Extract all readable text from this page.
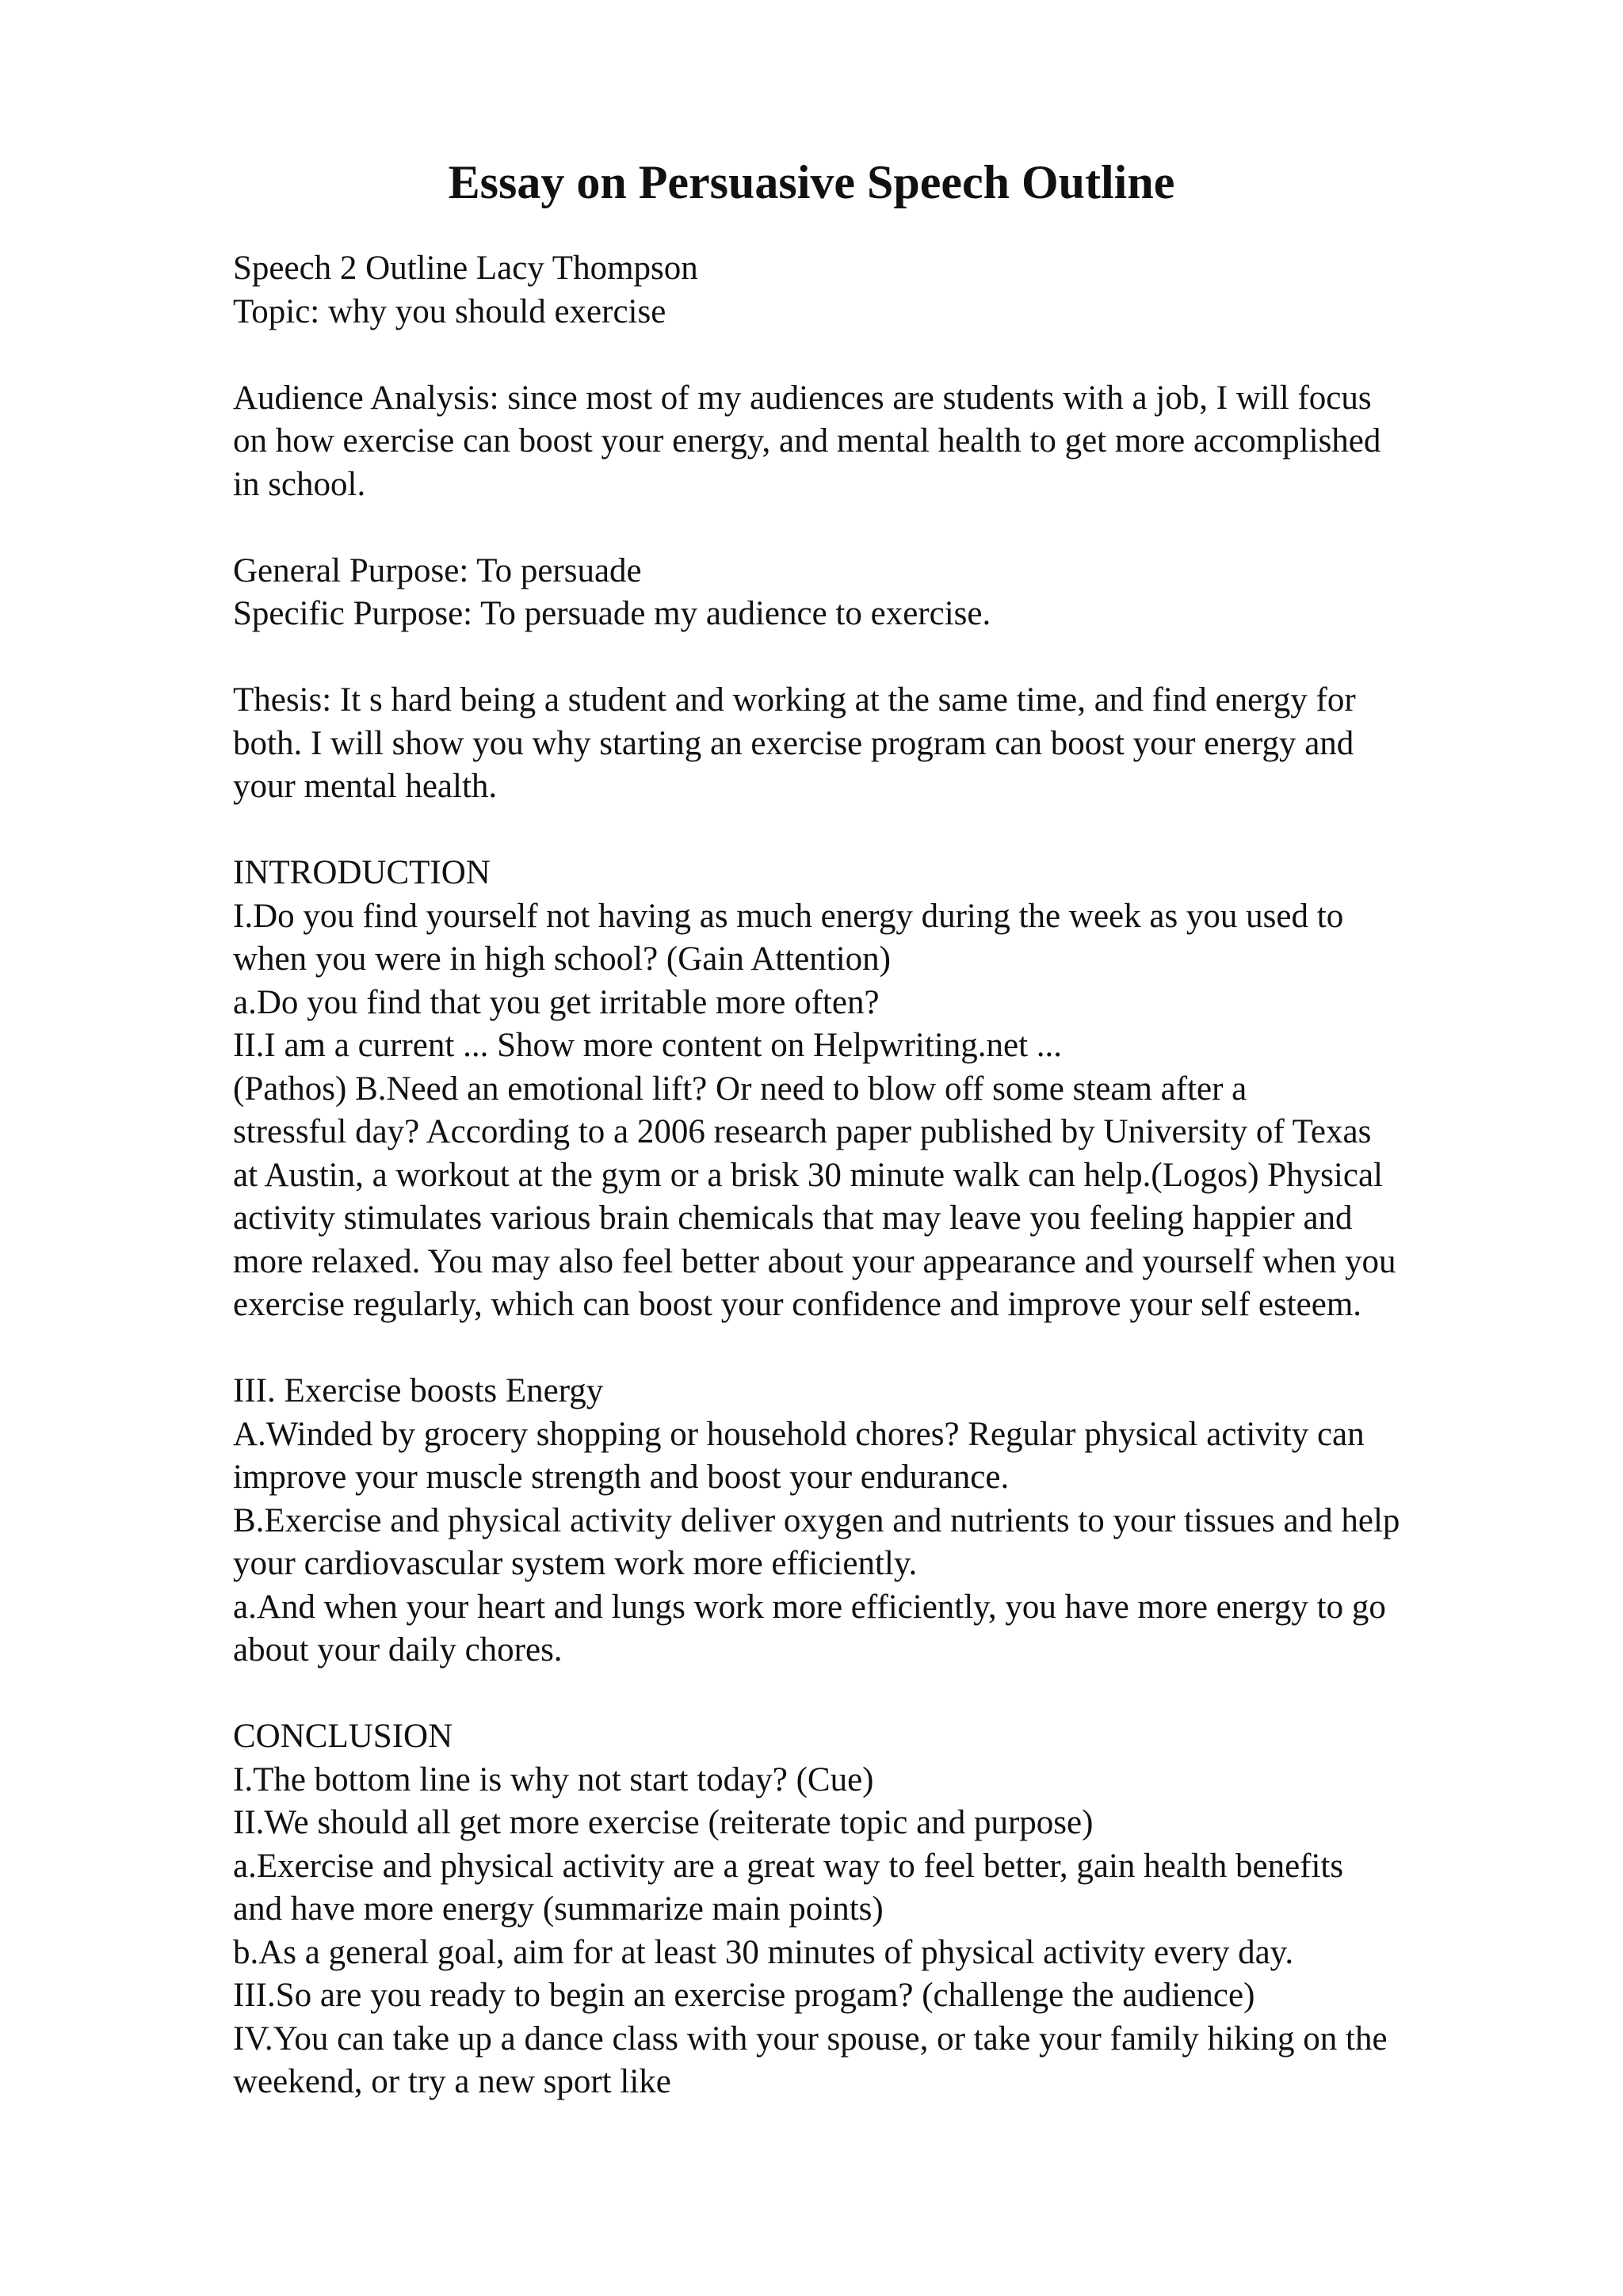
Essay on Persuasive Speech Outline
Speech 2 Outline Lacy Thompson
Topic: why you should exercise
Audience Analysis: since most of my audiences are students with a job, I will focus
on how exercise can boost your energy, and mental health to get more accomplished
in school.
General Purpose: To persuade
Specific Purpose: To persuade my audience to exercise.
Thesis: It s hard being a student and working at the same time, and find energy for
both. I will show you why starting an exercise program can boost your energy and
your mental health.
INTRODUCTION
I.Do you find yourself not having as much energy during the week as you used to
when you were in high school? (Gain Attention)
a.Do you find that you get irritable more often?
II.I am a current ... Show more content on Helpwriting.net ...
(Pathos) B.Need an emotional lift? Or need to blow off some steam after a
stressful day? According to a 2006 research paper published by University of Texas
at Austin, a workout at the gym or a brisk 30 minute walk can help.(Logos) Physical
activity stimulates various brain chemicals that may leave you feeling happier and
more relaxed. You may also feel better about your appearance and yourself when you
exercise regularly, which can boost your confidence and improve your self esteem.
III. Exercise boosts Energy
A.Winded by grocery shopping or household chores? Regular physical activity can
improve your muscle strength and boost your endurance.
B.Exercise and physical activity deliver oxygen and nutrients to your tissues and help
your cardiovascular system work more efficiently.
a.And when your heart and lungs work more efficiently, you have more energy to go
about your daily chores.
CONCLUSION
I.The bottom line is why not start today? (Cue)
II.We should all get more exercise (reiterate topic and purpose)
a.Exercise and physical activity are a great way to feel better, gain health benefits
and have more energy (summarize main points)
b.As a general goal, aim for at least 30 minutes of physical activity every day.
III.So are you ready to begin an exercise progam? (challenge the audience)
IV.You can take up a dance class with your spouse, or take your family hiking on the
weekend, or try a new sport like
